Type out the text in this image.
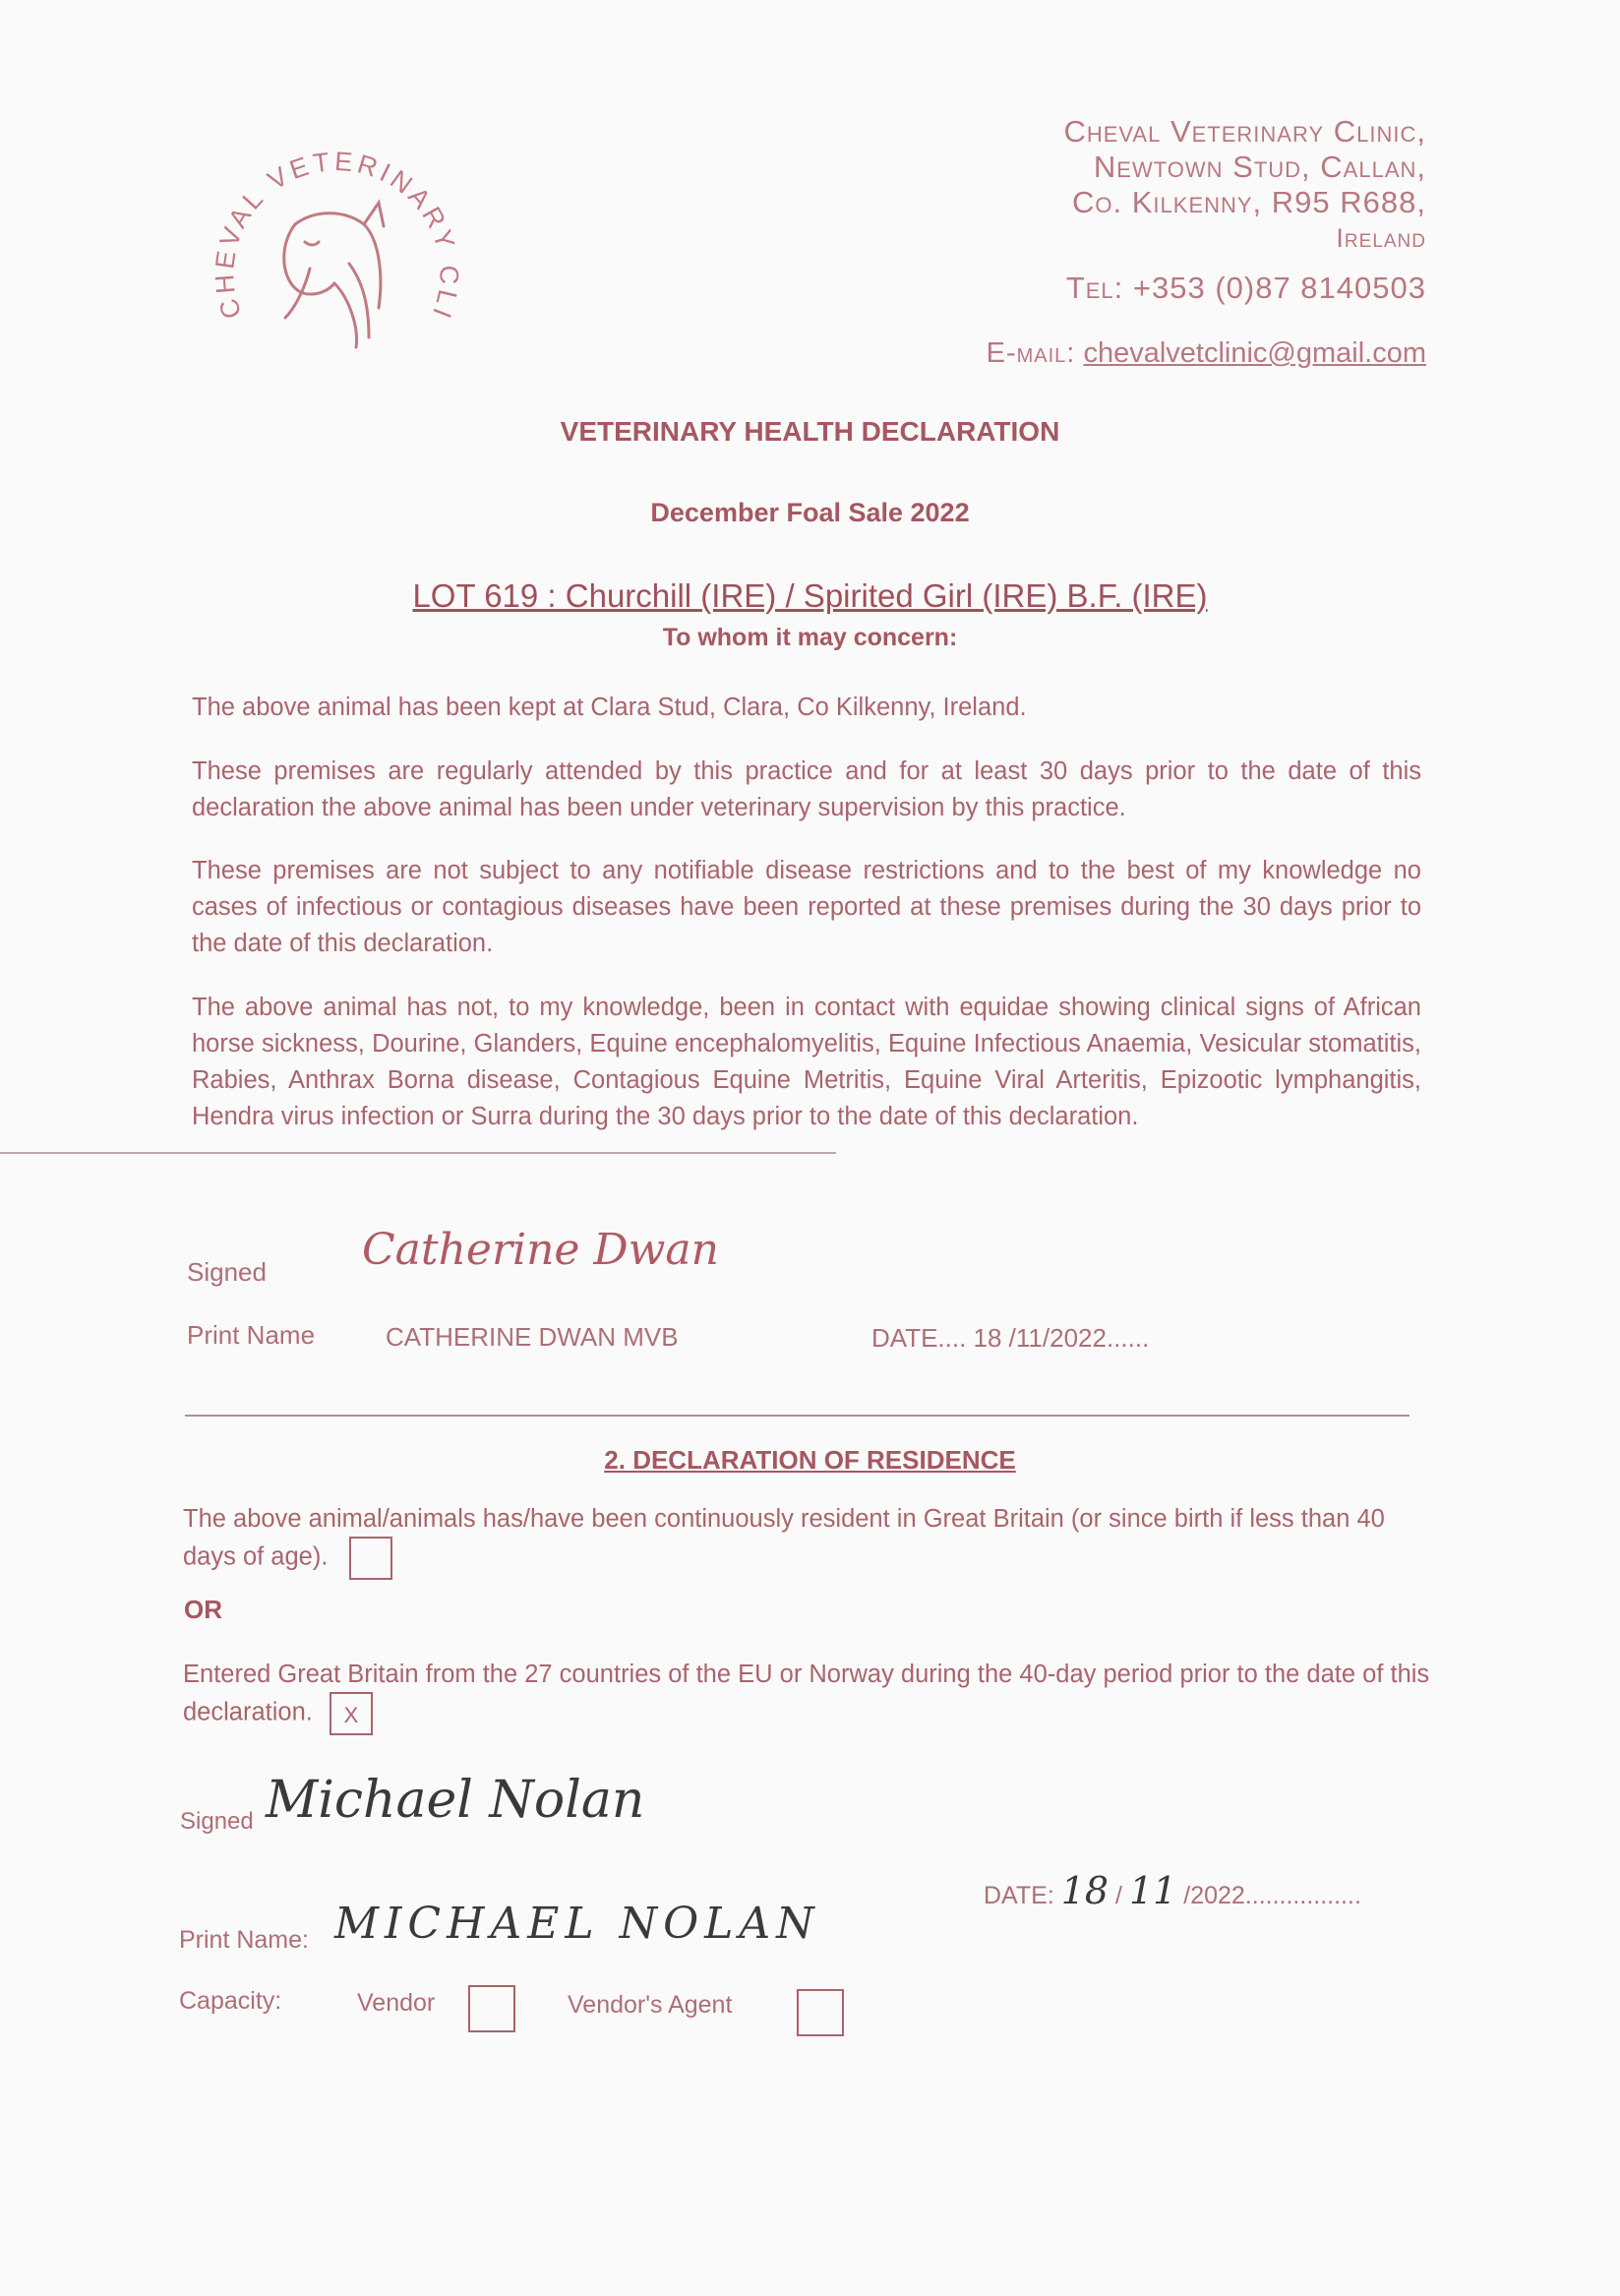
CHEVAL VETERINARY CLI
Cheval Veterinary Clinic,
Newtown Stud, Callan,
Co. Kilkenny, R95 R688,
Ireland
Tel: +353 (0)87 8140503
E-mail: chevalvetclinic@gmail.com
VETERINARY HEALTH DECLARATION
December Foal Sale 2022
LOT 619 : Churchill (IRE) / Spirited Girl (IRE) B.F. (IRE)
To whom it may concern:
The above animal has been kept at Clara Stud, Clara, Co Kilkenny, Ireland.
These premises are regularly attended by this practice and for at least 30 days prior to the date of this declaration the above animal has been under veterinary supervision by this practice.
These premises are not subject to any notifiable disease restrictions and to the best of my knowledge no cases of infectious or contagious diseases have been reported at these premises during the 30 days prior to the date of this declaration.
The above animal has not, to my knowledge, been in contact with equidae showing clinical signs of African horse sickness, Dourine, Glanders, Equine encephalomyelitis, Equine Infectious Anaemia, Vesicular stomatitis, Rabies, Anthrax Borna disease, Contagious Equine Metritis, Equine Viral Arteritis, Epizootic lymphangitis, Hendra virus infection or Surra during the 30 days prior to the date of this declaration.
Signed Catherine Dwan
Print Name	CATHERINE DWAN MVB	DATE.... 18 /11/2022......
2. DECLARATION OF RESIDENCE
The above animal/animals has/have been continuously resident in Great Britain (or since birth if less than 40 days of age).
OR
Entered Great Britain from the 27 countries of the EU or Norway during the 40-day period prior to the date of this declaration. X
Signed Michael Nolan
DATE: 18 / 11 /2022.................
Print Name: MICHAEL NOLAN
Capacity:	Vendor	Vendor's Agent
